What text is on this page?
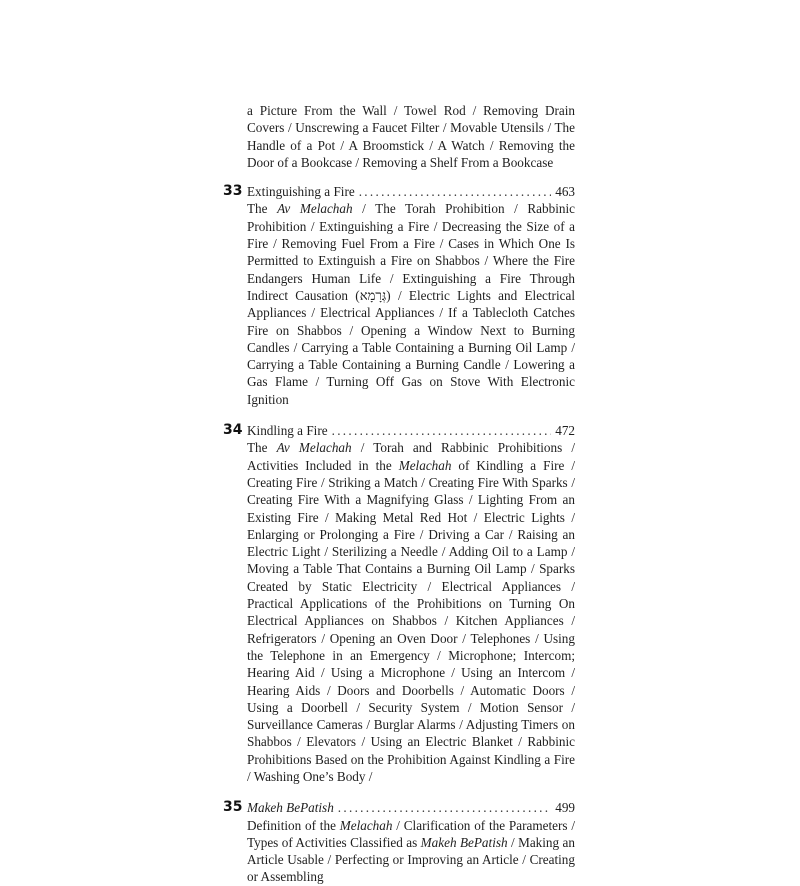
a Picture From the Wall / Towel Rod / Removing Drain Covers / Unscrewing a Faucet Filter / Movable Utensils / The Handle of a Pot / A Broomstick / A Watch / Removing the Door of a Bookcase / Removing a Shelf From a Bookcase

33 Extinguishing a Fire . . .	463

The Av Melachah / The Torah Prohibition / Rabbinic Prohibition / Extinguishing a Fire / Decreasing the Size of a Fire / Removing Fuel From a Fire / Cases in Which One Is Permitted to Extinguish a Fire on Shabbos / Where the Fire Endangers Human Life / Extinguishing a Fire Through Indirect Causation (גְּרָמָא) / Electric Lights and Electrical Appliances / Electrical Appliances / If a Tablecloth Catches Fire on Shabbos / Opening a Window Next to Burning Candles / Carrying a Table Containing a Burning Oil Lamp / Carrying a Table Containing a Burning Candle / Lowering a Gas Flame / Turning Off Gas on Stove With Electronic Ignition

34 Kindling a Fire . . .	472

The Av Melachah / Torah and Rabbinic Prohibitions / Activities Included in the Melachah of Kindling a Fire / Creating Fire / Striking a Match / Creating Fire With Sparks / Creating Fire With a Magnifying Glass / Lighting From an Existing Fire / Making Metal Red Hot / Electric Lights / Enlarging or Prolonging a Fire / Driving a Car / Raising an Electric Light / Sterilizing a Needle / Adding Oil to a Lamp / Moving a Table That Contains a Burning Oil Lamp / Sparks Created by Static Electricity / Electrical Appliances / Practical Applications of the Prohibitions on Turning On Electrical Appliances on Shabbos / Kitchen Appliances / Refrigerators / Opening an Oven Door / Telephones / Using the Telephone in an Emergency / Microphone; Intercom; Hearing Aid / Using a Microphone / Using an Intercom / Hearing Aids / Doors and Doorbells / Automatic Doors / Using a Doorbell / Security System / Motion Sensor / Surveillance Cameras / Burglar Alarms / Adjusting Timers on Shabbos / Elevators / Using an Electric Blanket / Rabbinic Prohibitions Based on the Prohibition Against Kindling a Fire / Washing One’s Body /

35 Makeh BePatish . . .	499

Definition of the Melachah / Clarification of the Parameters / Types of Activities Classified as Makeh BePatish / Making an Article Usable / Perfecting or Improving an Article / Creating or Assembling
